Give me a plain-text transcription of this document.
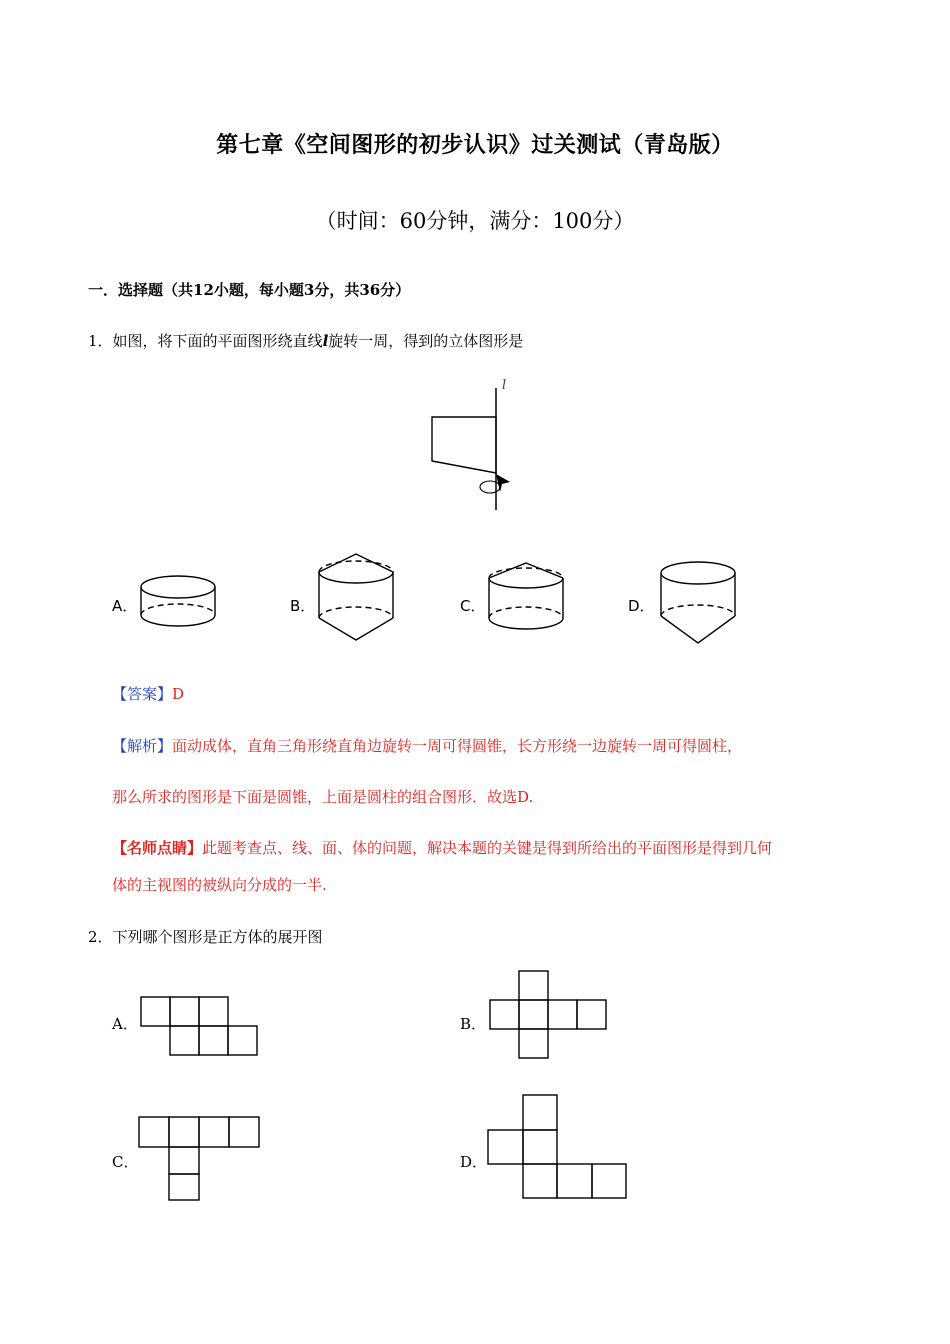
第七章《空间图形的初步认识》过关测试（青岛版）
（时间：60分钟，满分：100分）
一．选择题（共12小题，每小题3分，共36分）
1．如图，将下面的平面图形绕直线l旋转一周，得到的立体图形是
l
A．	B．	C．	D．
【答案】D
【解析】面动成体，直角三角形绕直角边旋转一周可得圆锥，长方形绕一边旋转一周可得圆柱，
那么所求的图形是下面是圆锥，上面是圆柱的组合图形．故选D.
【名师点睛】此题考查点、线、面、体的问题，解决本题的关键是得到所给出的平面图形是得到几何
体的主视图的被纵向分成的一半.
2．下列哪个图形是正方体的展开图
A．	B．
C．	D．
